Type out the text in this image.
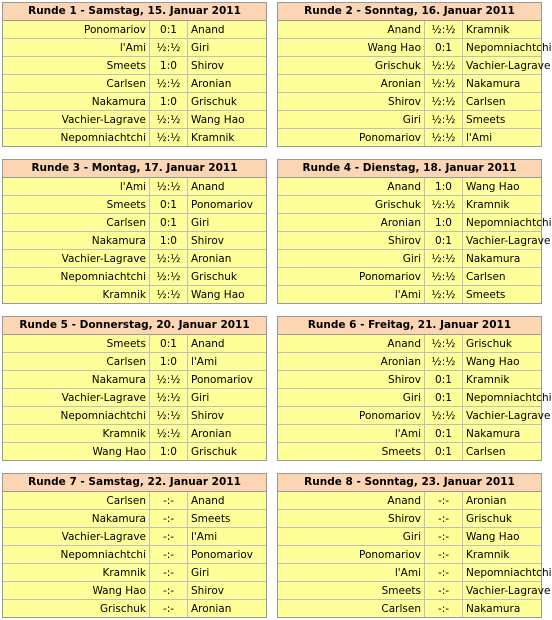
Runde 1 - Samstag, 15. Januar 2011
Ponomariov	0:1	Anand
l'Ami	½:½	Giri
Smeets	1:0	Shirov
Carlsen	½:½	Aronian
Nakamura	1:0	Grischuk
Vachier-Lagrave	½:½	Wang Hao
Nepomniachtchi	½:½	Kramnik
Runde 2 - Sonntag, 16. Januar 2011
Anand	½:½	Kramnik
Wang Hao	0:1	Nepomniachtchi
Grischuk	½:½	Vachier-Lagrave
Aronian	½:½	Nakamura
Shirov	½:½	Carlsen
Giri	½:½	Smeets
Ponomariov	½:½	l'Ami
Runde 3 - Montag, 17. Januar 2011
l'Ami	½:½	Anand
Smeets	0:1	Ponomariov
Carlsen	0:1	Giri
Nakamura	1:0	Shirov
Vachier-Lagrave	½:½	Aronian
Nepomniachtchi	½:½	Grischuk
Kramnik	½:½	Wang Hao
Runde 4 - Dienstag, 18. Januar 2011
Anand	1:0	Wang Hao
Grischuk	½:½	Kramnik
Aronian	1:0	Nepomniachtchi
Shirov	0:1	Vachier-Lagrave
Giri	½:½	Nakamura
Ponomariov	½:½	Carlsen
l'Ami	½:½	Smeets
Runde 5 - Donnerstag, 20. Januar 2011
Smeets	0:1	Anand
Carlsen	1:0	l'Ami
Nakamura	½:½	Ponomariov
Vachier-Lagrave	½:½	Giri
Nepomniachtchi	½:½	Shirov
Kramnik	½:½	Aronian
Wang Hao	1:0	Grischuk
Runde 6 - Freitag, 21. Januar 2011
Anand	½:½	Grischuk
Aronian	½:½	Wang Hao
Shirov	0:1	Kramnik
Giri	0:1	Nepomniachtchi
Ponomariov	½:½	Vachier-Lagrave
l'Ami	0:1	Nakamura
Smeets	0:1	Carlsen
Runde 7 - Samstag, 22. Januar 2011
Carlsen	-:-	Anand
Nakamura	-:-	Smeets
Vachier-Lagrave	-:-	l'Ami
Nepomniachtchi	-:-	Ponomariov
Kramnik	-:-	Giri
Wang Hao	-:-	Shirov
Grischuk	-:-	Aronian
Runde 8 - Sonntag, 23. Januar 2011
Anand	-:-	Aronian
Shirov	-:-	Grischuk
Giri	-:-	Wang Hao
Ponomariov	-:-	Kramnik
l'Ami	-:-	Nepomniachtchi
Smeets	-:-	Vachier-Lagrave
Carlsen	-:-	Nakamura
